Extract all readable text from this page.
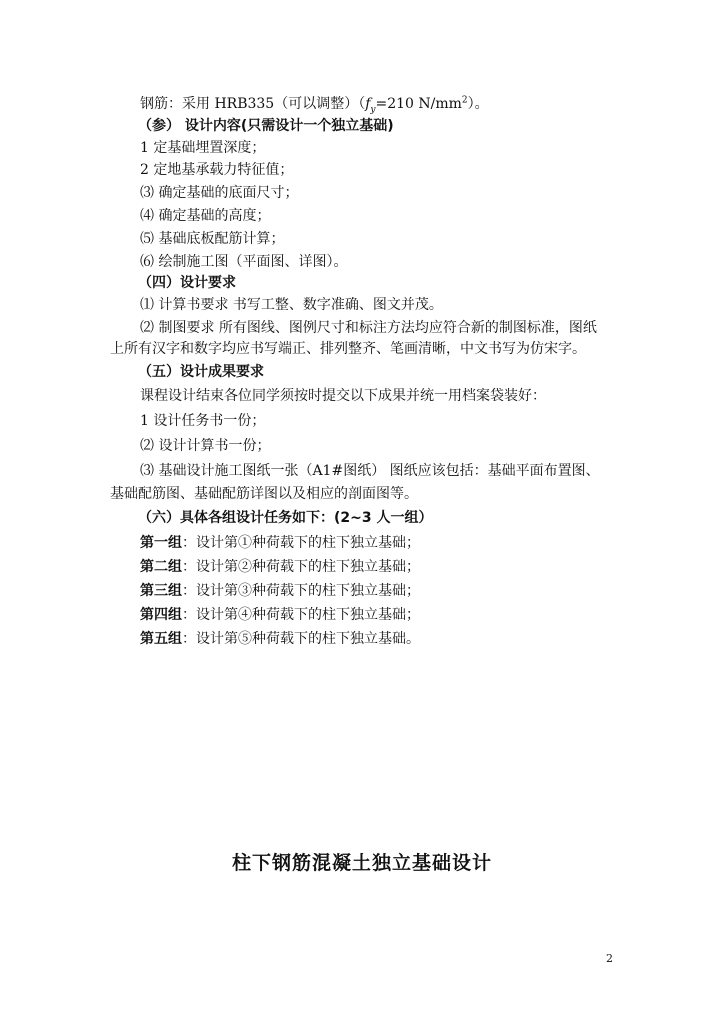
钢筋：采用 HRB335（可以调整）（$f_y=210$ $N/mm^2$）。
（参） 设计内容(只需设计一个独立基础)
1 定基础埋置深度；
2 定地基承载力特征值；
⑶ 确定基础的底面尺寸；
⑷ 确定基础的高度；
⑸ 基础底板配筋计算；
⑹ 绘制施工图（平面图、详图）。
（四）设计要求
⑴ 计算书要求 书写工整、数字准确、图文并茂。
⑵ 制图要求 所有图线、图例尺寸和标注方法均应符合新的制图标准，图纸
上所有汉字和数字均应书写端正、排列整齐、笔画清晰，中文书写为仿宋字。
（五）设计成果要求
课程设计结束各位同学须按时提交以下成果并统一用档案袋装好：
1 设计任务书一份；
⑵ 设计计算书一份；
⑶ 基础设计施工图纸一张（A1#图纸） 图纸应该包括：基础平面布置图、
基础配筋图、基础配筋详图以及相应的剖面图等。
（六）具体各组设计任务如下：(2~3 人一组）
第一组：设计第①种荷载下的柱下独立基础；
第二组：设计第②种荷载下的柱下独立基础；
第三组：设计第③种荷载下的柱下独立基础；
第四组：设计第④种荷载下的柱下独立基础；
第五组：设计第⑤种荷载下的柱下独立基础。
柱下钢筋混凝土独立基础设计
2
